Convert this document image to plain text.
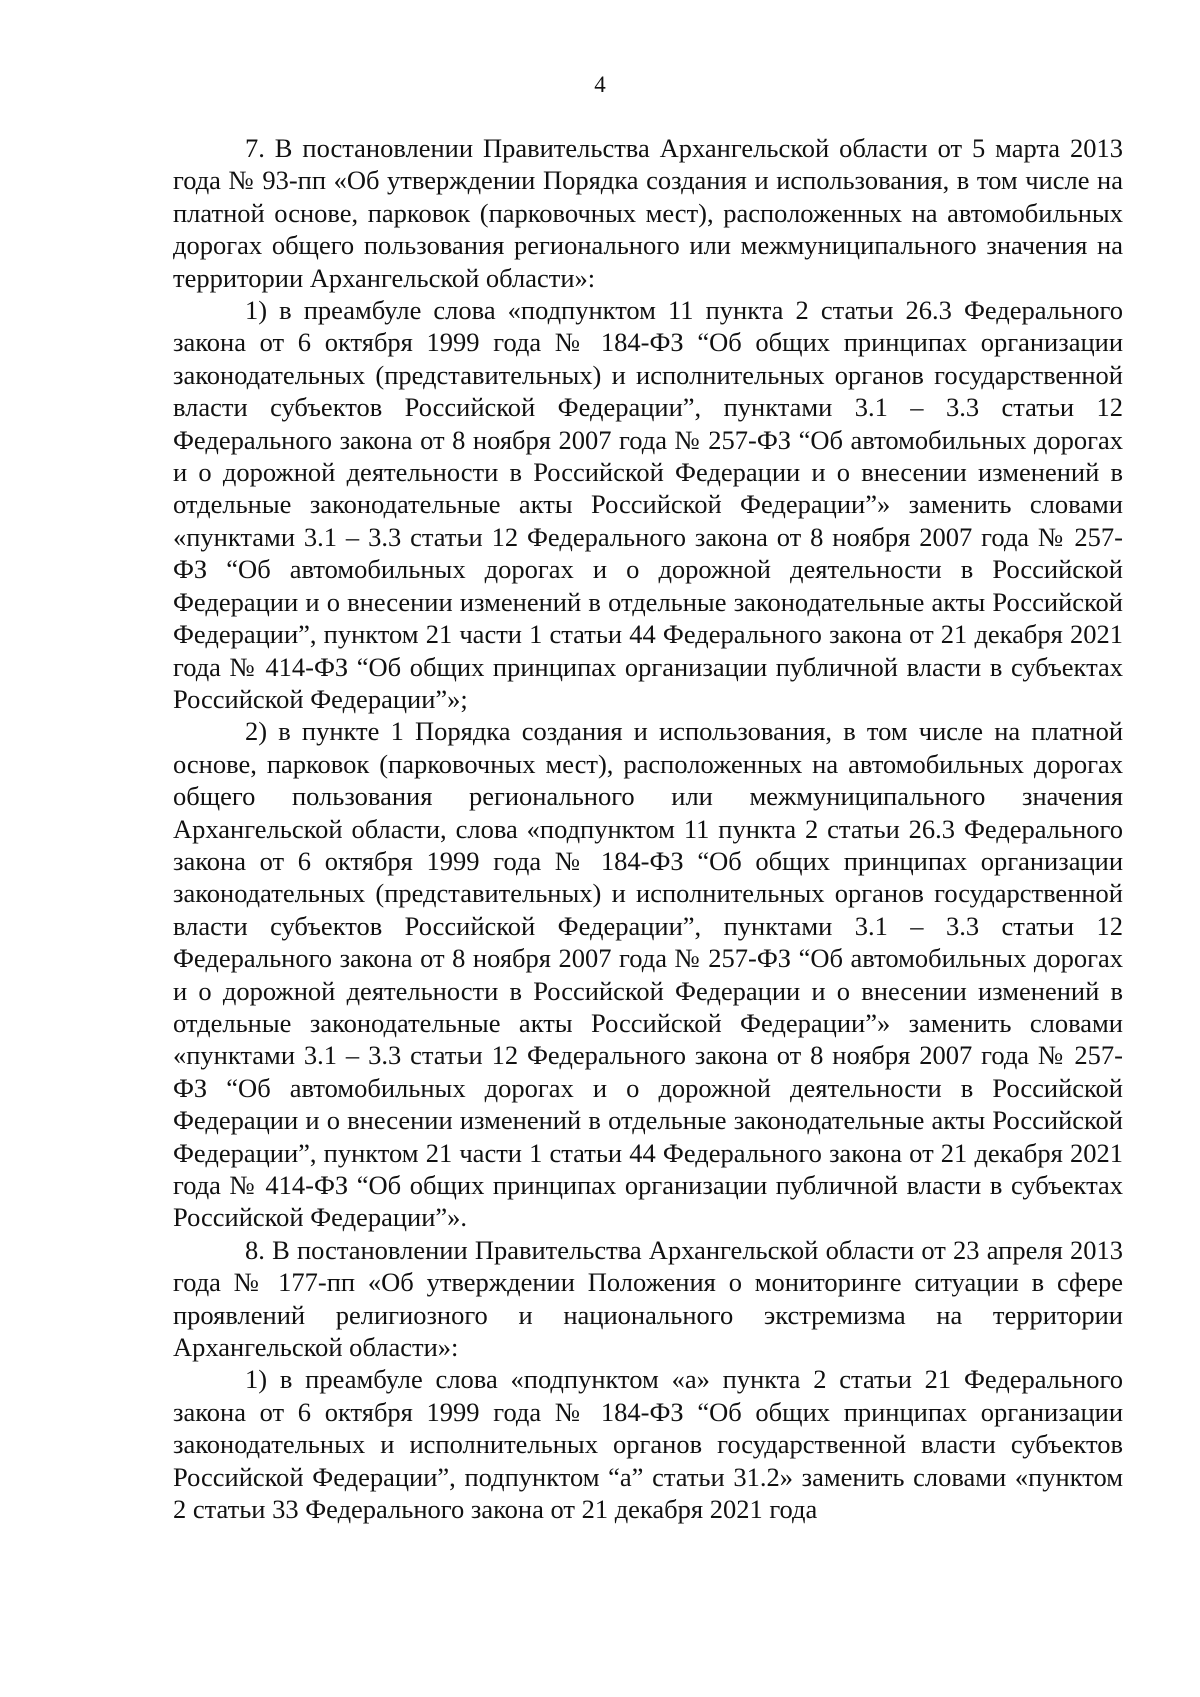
4

7. В постановлении Правительства Архангельской области от 5 марта 2013 года № 93-пп «Об утверждении Порядка создания и использования, в том числе на платной основе, парковок (парковочных мест), расположенных на автомобильных дорогах общего пользования регионального или межмуниципального значения на территории Архангельской области»:

1) в преамбуле слова «подпунктом 11 пункта 2 статьи 26.3 Федерального закона от 6 октября 1999 года № 184-ФЗ “Об общих принципах организации законодательных (представительных) и исполнительных органов государственной власти субъектов Российской Федерации”, пунктами 3.1 – 3.3 статьи 12 Федерального закона от 8 ноября 2007 года № 257-ФЗ “Об автомобильных дорогах и о дорожной деятельности в Российской Федерации и о внесении изменений в отдельные законодательные акты Российской Федерации”» заменить словами «пунктами 3.1 – 3.3 статьи 12 Федерального закона от 8 ноября 2007 года № 257-ФЗ “Об автомобильных дорогах и о дорожной деятельности в Российской Федерации и о внесении изменений в отдельные законодательные акты Российской Федерации”, пунктом 21 части 1 статьи 44 Федерального закона от 21 декабря 2021 года № 414-ФЗ “Об общих принципах организации публичной власти в субъектах Российской Федерации”»;

2) в пункте 1 Порядка создания и использования, в том числе на платной основе, парковок (парковочных мест), расположенных на автомобильных дорогах общего пользования регионального или межмуниципального значения Архангельской области, слова «подпунктом 11 пункта 2 статьи 26.3 Федерального закона от 6 октября 1999 года № 184-ФЗ “Об общих принципах организации законодательных (представительных) и исполнительных органов государственной власти субъектов Российской Федерации”, пунктами 3.1 – 3.3 статьи 12 Федерального закона от 8 ноября 2007 года № 257-ФЗ “Об автомобильных дорогах и о дорожной деятельности в Российской Федерации и о внесении изменений в отдельные законодательные акты Российской Федерации”» заменить словами «пунктами 3.1 – 3.3 статьи 12 Федерального закона от 8 ноября 2007 года № 257-ФЗ “Об автомобильных дорогах и о дорожной деятельности в Российской Федерации и о внесении изменений в отдельные законодательные акты Российской Федерации”, пунктом 21 части 1 статьи 44 Федерального закона от 21 декабря 2021 года № 414-ФЗ “Об общих принципах организации публичной власти в субъектах Российской Федерации”».

8. В постановлении Правительства Архангельской области от 23 апреля 2013 года № 177-пп «Об утверждении Положения о мониторинге ситуации в сфере проявлений религиозного и национального экстремизма на территории Архангельской области»:

1) в преамбуле слова «подпунктом «а» пункта 2 статьи 21 Федерального закона от 6 октября 1999 года № 184-ФЗ “Об общих принципах организации законодательных и исполнительных органов государственной власти субъектов Российской Федерации”, подпунктом “а” статьи 31.2» заменить словами «пунктом 2 статьи 33 Федерального закона от 21 декабря 2021 года
